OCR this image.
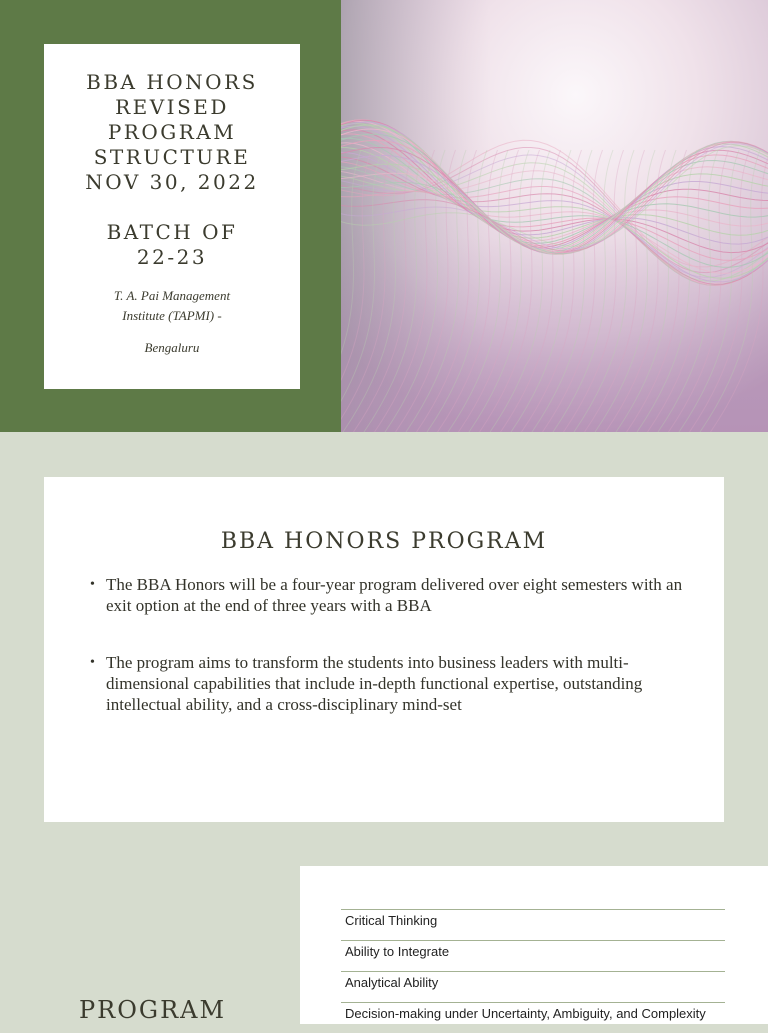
BBA HONORS
REVISED
PROGRAM
STRUCTURE
NOV 30, 2022
BATCH OF
22-23
T. A. Pai Management
Institute (TAPMI) -
Bengaluru
BBA HONORS PROGRAM
• The BBA Honors will be a four-year program delivered over eight semesters with an exit option at the end of three years with a BBA
• The program aims to transform the students into business leaders with multi-dimensional capabilities that include in-depth functional expertise, outstanding intellectual ability, and a cross-disciplinary mind-set
PROGRAM
Critical Thinking
Ability to Integrate
Analytical Ability
Decision-making under Uncertainty, Ambiguity, and Complexity
